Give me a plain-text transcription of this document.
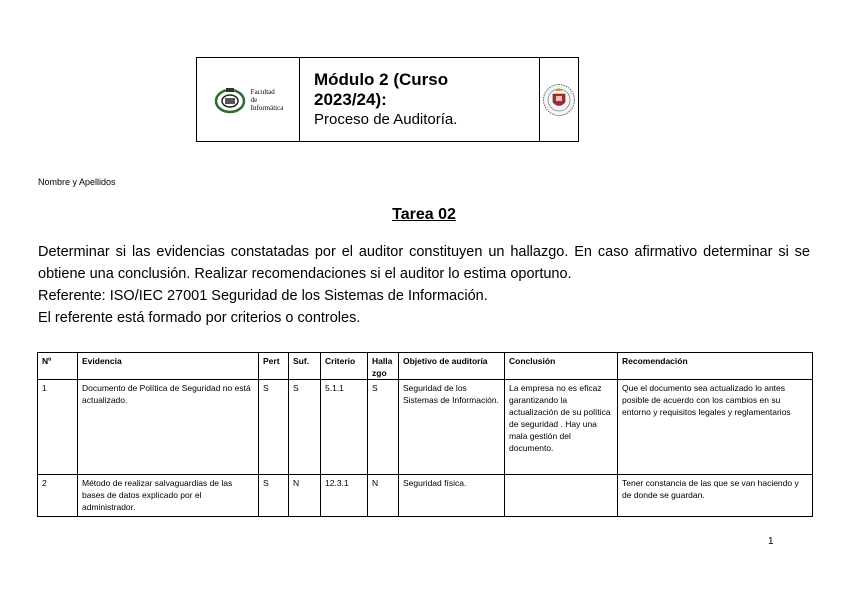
Facultad
de
Informática
Módulo 2 (Curso
2023/24):
Proceso de Auditoría.
Nombre y Apellidos
Tarea 02

Determinar si las evidencias constatadas por el auditor constituyen un hallazgo. En caso afirmativo determinar si se obtiene una conclusión. Realizar recomendaciones si el auditor lo estima oportuno.

Referente: ISO/IEC 27001 Seguridad de los Sistemas de Información.

El referente está formado por criterios o controles.

Nº	Evidencia	Pert	Suf.	Criterio	Hallazgo	Objetivo de auditoría	Conclusión	Recomendación
1	Documento de Política de Seguridad no está actualizado.	S	S	5.1.1	S	Seguridad de los Sistemas de Información.	La empresa no es eficaz garantizando la actualización de su política de seguridad . Hay una mala gestión del documento.	Que el documento sea actualizado lo antes posible de acuerdo con los cambios en su entorno y requisitos legales y reglamentarios
2	Método de realizar salvaguardias de las bases de datos explicado por el administrador.	S	N	12.3.1	N	Seguridad física.		Tener constancia de las que se van haciendo y de donde se guardan.
1
